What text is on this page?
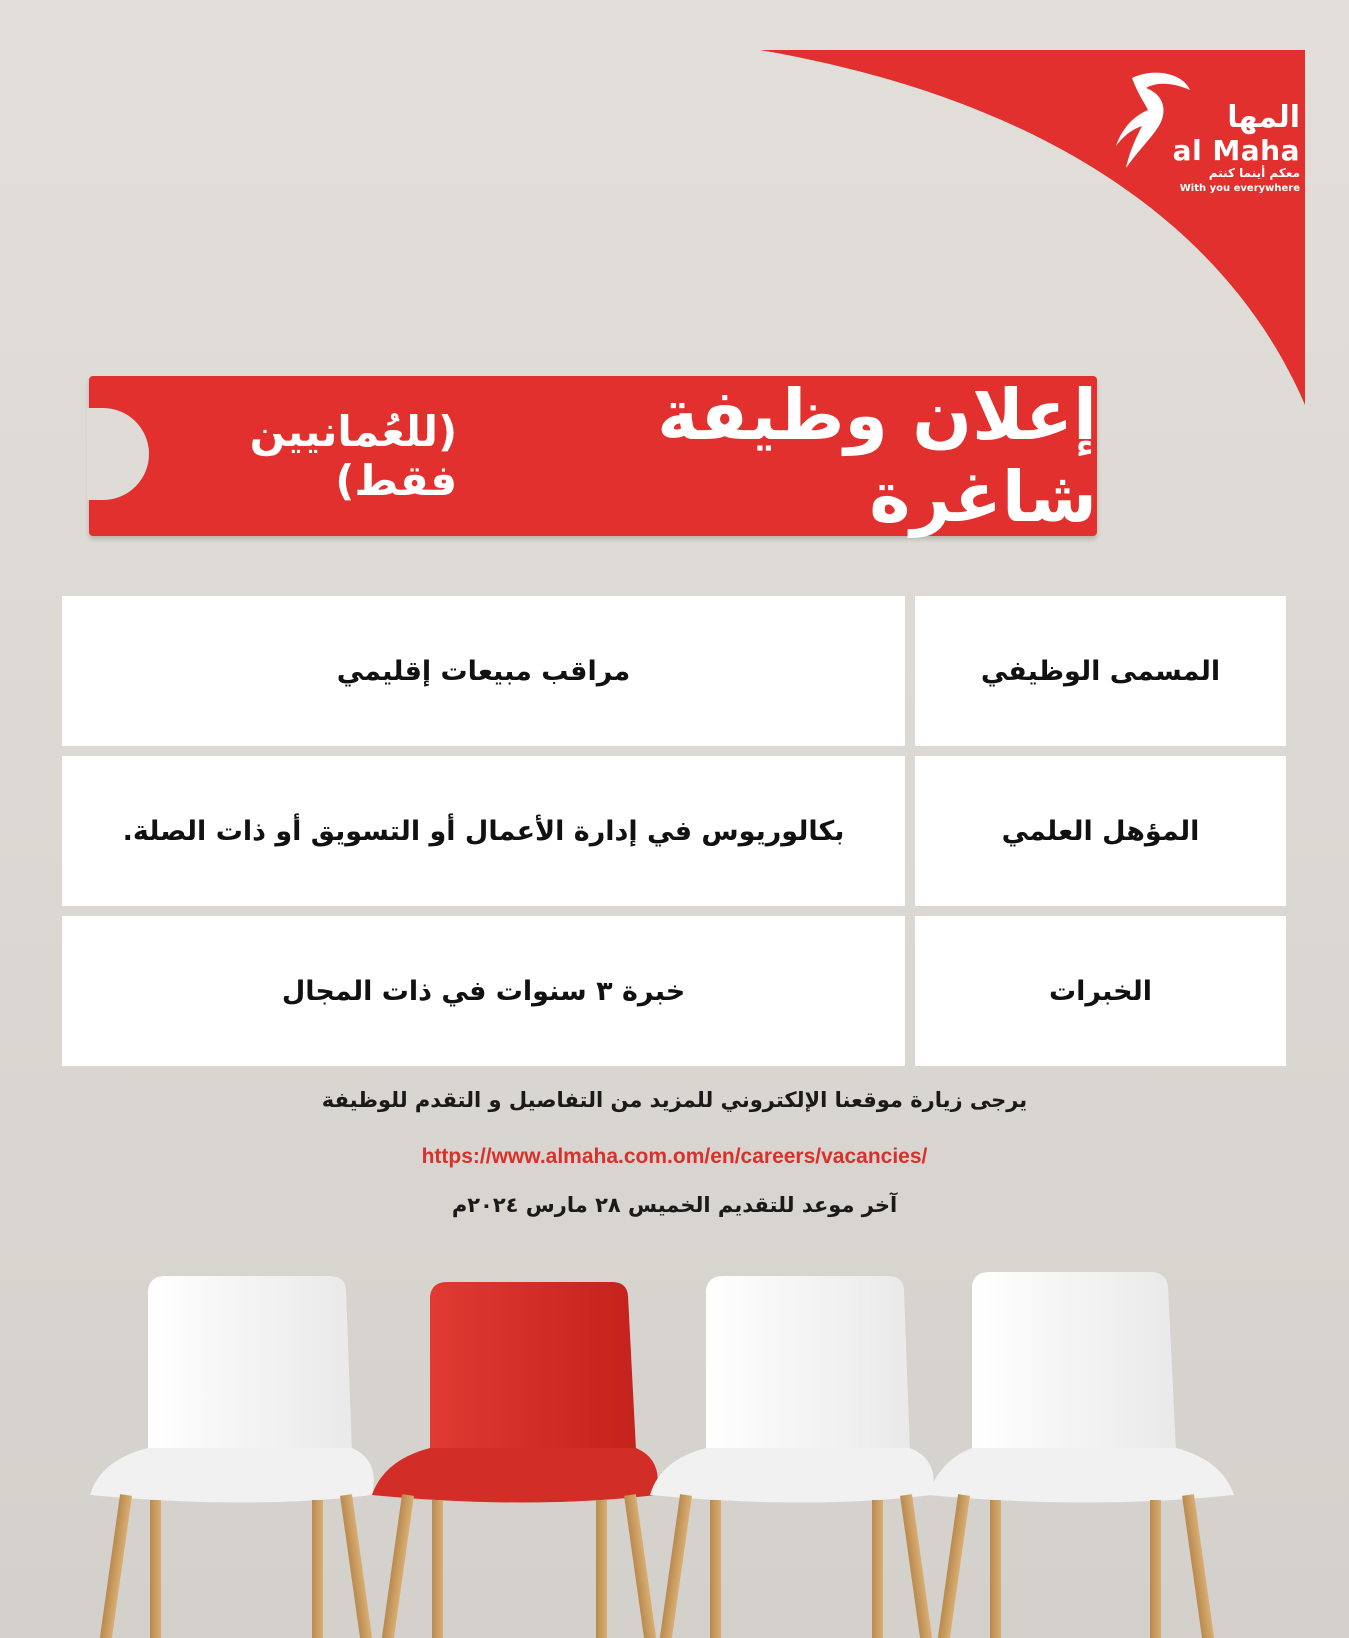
المها
al Maha
معكم أينما كنتم
With you everywhere
إعلان وظيفة شاغرة
(للعُمانيين فقط)
مراقب مبيعات إقليمي	المسمى الوظيفي
بكالوريوس في إدارة الأعمال أو التسويق أو ذات الصلة.	المؤهل العلمي
خبرة ٣ سنوات في ذات المجال	الخبرات
يرجى زيارة موقعنا الإلكتروني للمزيد من التفاصيل و التقدم للوظيفة
https://www.almaha.com.om/en/careers/vacancies/
آخر موعد للتقديم الخميس ٢٨ مارس ٢٠٢٤م
